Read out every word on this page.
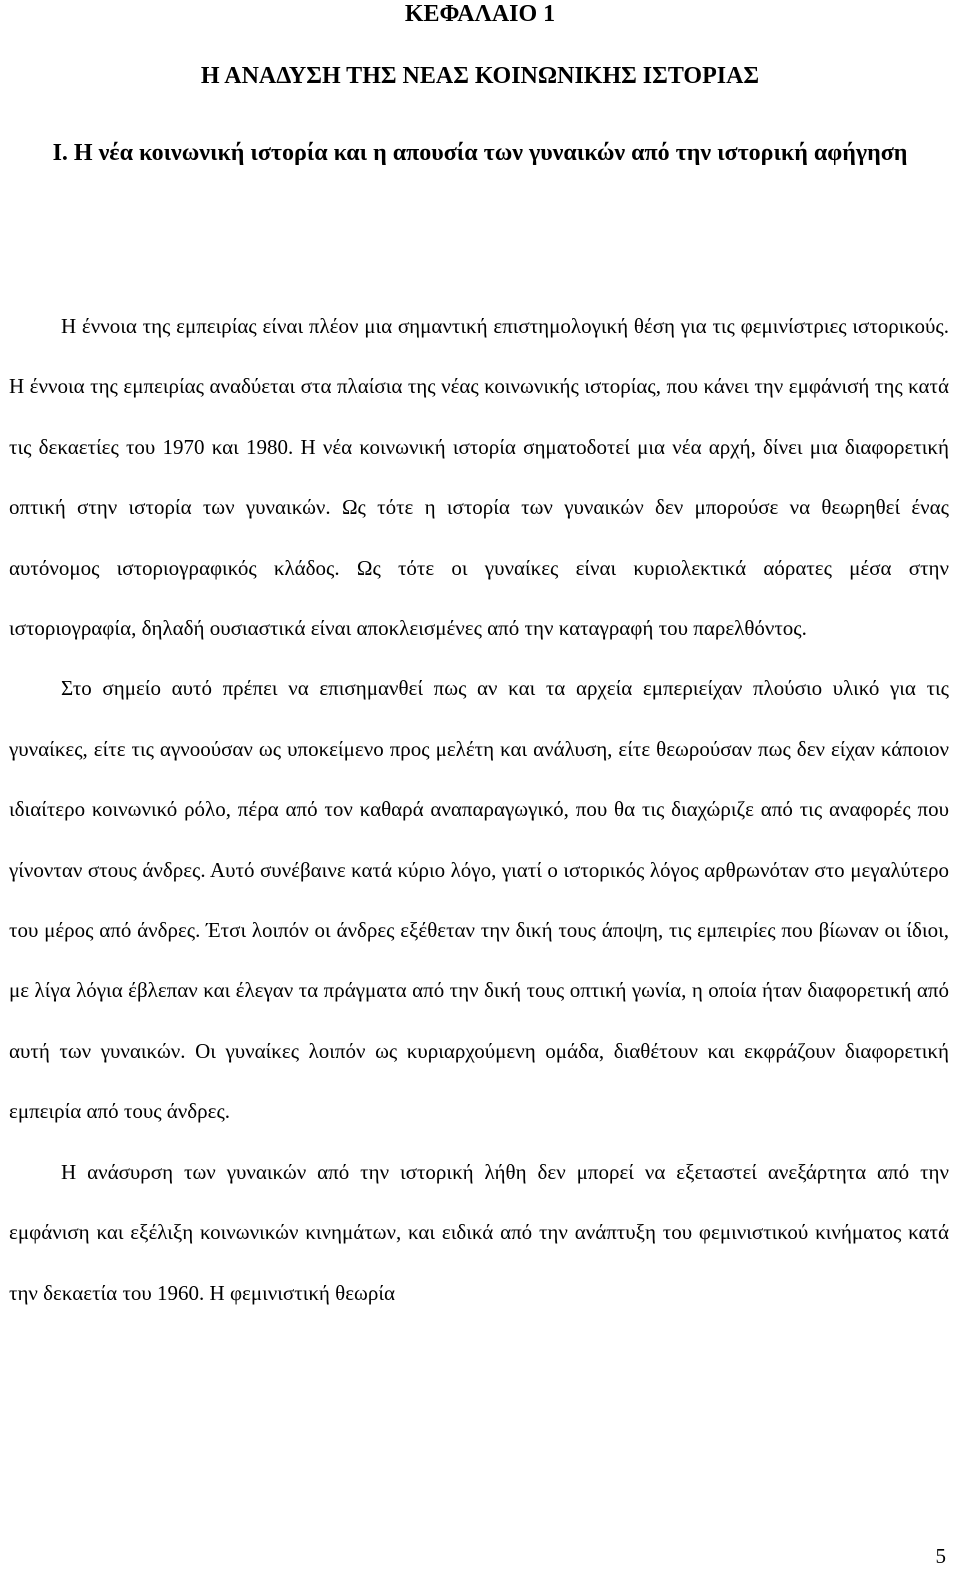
ΚΕΦΑΛΑΙΟ 1
Η ΑΝΑΔΥΣΗ ΤΗΣ ΝΕΑΣ ΚΟΙΝΩΝΙΚΗΣ ΙΣΤΟΡΙΑΣ
Ι. Η νέα κοινωνική ιστορία και η απουσία των γυναικών από την ιστορική αφήγηση

Η έννοια της εμπειρίας είναι πλέον μια σημαντική επιστημολογική θέση για τις φεμινίστριες ιστορικούς. Η έννοια της εμπειρίας αναδύεται στα πλαίσια της νέας κοινωνικής ιστορίας, που κάνει την εμφάνισή της κατά τις δεκαετίες του 1970 και 1980. Η νέα κοινωνική ιστορία σηματοδοτεί μια νέα αρχή, δίνει μια διαφορετική οπτική στην ιστορία των γυναικών. Ως τότε η ιστορία των γυναικών δεν μπορούσε να θεωρηθεί ένας αυτόνομος ιστοριογραφικός κλάδος. Ως τότε οι γυναίκες είναι κυριολεκτικά αόρατες μέσα στην ιστοριογραφία, δηλαδή ουσιαστικά είναι αποκλεισμένες από την καταγραφή του παρελθόντος.

Στο σημείο αυτό πρέπει να επισημανθεί πως αν και τα αρχεία εμπεριείχαν πλούσιο υλικό για τις γυναίκες, είτε τις αγνοούσαν ως υποκείμενο προς μελέτη και ανάλυση, είτε θεωρούσαν πως δεν είχαν κάποιον ιδιαίτερο κοινωνικό ρόλο, πέρα από τον καθαρά αναπαραγωγικό, που θα τις διαχώριζε από τις αναφορές που γίνονταν στους άνδρες. Αυτό συνέβαινε κατά κύριο λόγο, γιατί ο ιστορικός λόγος αρθρωνόταν στο μεγαλύτερο του μέρος από άνδρες. Έτσι λοιπόν οι άνδρες εξέθεταν την δική τους άποψη, τις εμπειρίες που βίωναν οι ίδιοι, με λίγα λόγια έβλεπαν και έλεγαν τα πράγματα από την δική τους οπτική γωνία, η οποία ήταν διαφορετική από αυτή των γυναικών. Οι γυναίκες λοιπόν ως κυριαρχούμενη ομάδα, διαθέτουν και εκφράζουν διαφορετική εμπειρία από τους άνδρες.

Η ανάσυρση των γυναικών από την ιστορική λήθη δεν μπορεί να εξεταστεί ανεξάρτητα από την εμφάνιση και εξέλιξη κοινωνικών κινημάτων, και ειδικά από την ανάπτυξη του φεμινιστικού κινήματος κατά την δεκαετία του 1960. Η φεμινιστική θεωρία

5
